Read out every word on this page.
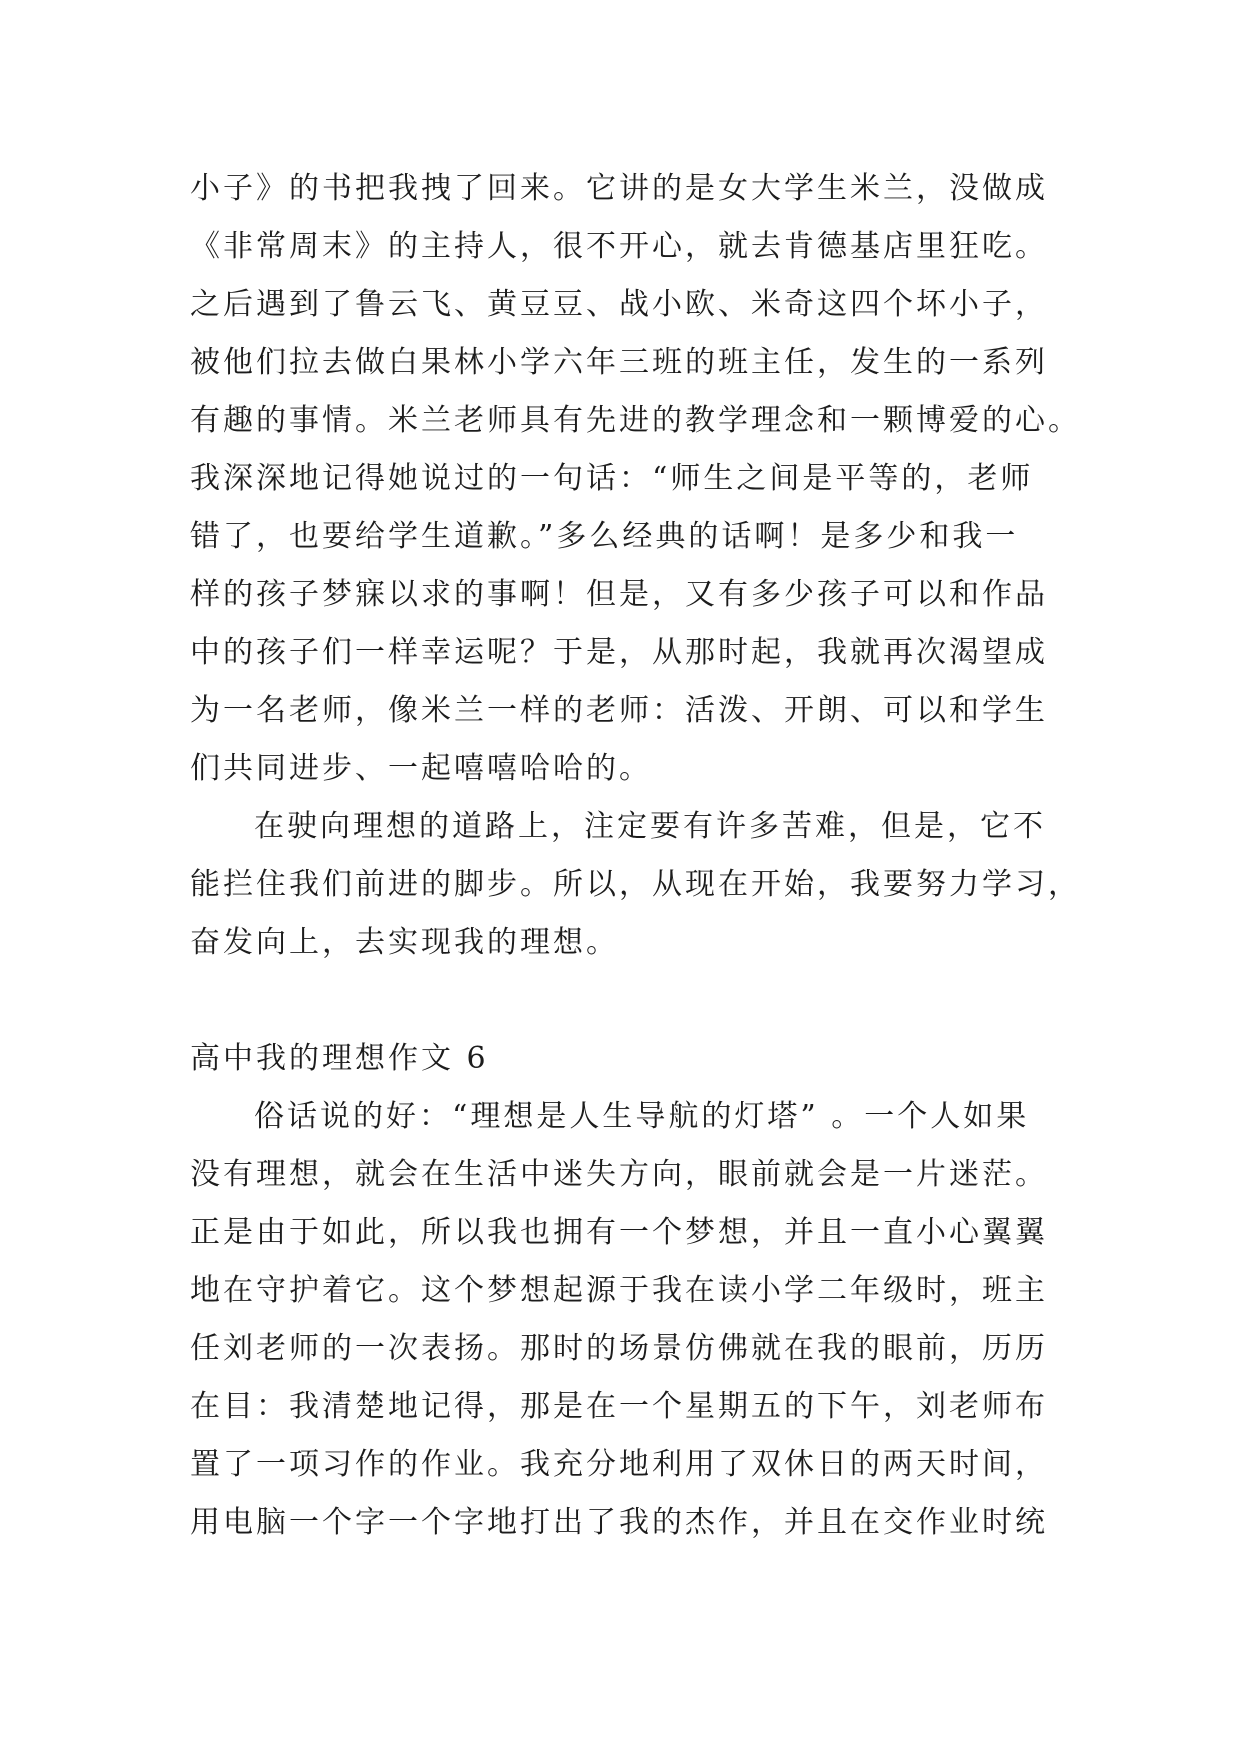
小子》的书把我拽了回来。它讲的是女大学生米兰，没做成
《非常周末》的主持人，很不开心，就去肯德基店里狂吃。
之后遇到了鲁云飞、黄豆豆、战小欧、米奇这四个坏小子，
被他们拉去做白果林小学六年三班的班主任，发生的一系列
有趣的事情。米兰老师具有先进的教学理念和一颗博爱的心。
我深深地记得她说过的一句话：“师生之间是平等的，老师
错了，也要给学生道歉。”多么经典的话啊！是多少和我一
样的孩子梦寐以求的事啊！但是，又有多少孩子可以和作品
中的孩子们一样幸运呢？于是，从那时起，我就再次渴望成
为一名老师，像米兰一样的老师：活泼、开朗、可以和学生
们共同进步、一起嘻嘻哈哈的。
在驶向理想的道路上，注定要有许多苦难，但是，它不
能拦住我们前进的脚步。所以，从现在开始，我要努力学习，
奋发向上，去实现我的理想。
高中我的理想作文 6
俗话说的好：“理想是人生导航的灯塔” 。一个人如果
没有理想，就会在生活中迷失方向，眼前就会是一片迷茫。
正是由于如此，所以我也拥有一个梦想，并且一直小心翼翼
地在守护着它。这个梦想起源于我在读小学二年级时，班主
任刘老师的一次表扬。那时的场景仿佛就在我的眼前，历历
在目：我清楚地记得，那是在一个星期五的下午，刘老师布
置了一项习作的作业。我充分地利用了双休日的两天时间，
用电脑一个字一个字地打出了我的杰作，并且在交作业时统
